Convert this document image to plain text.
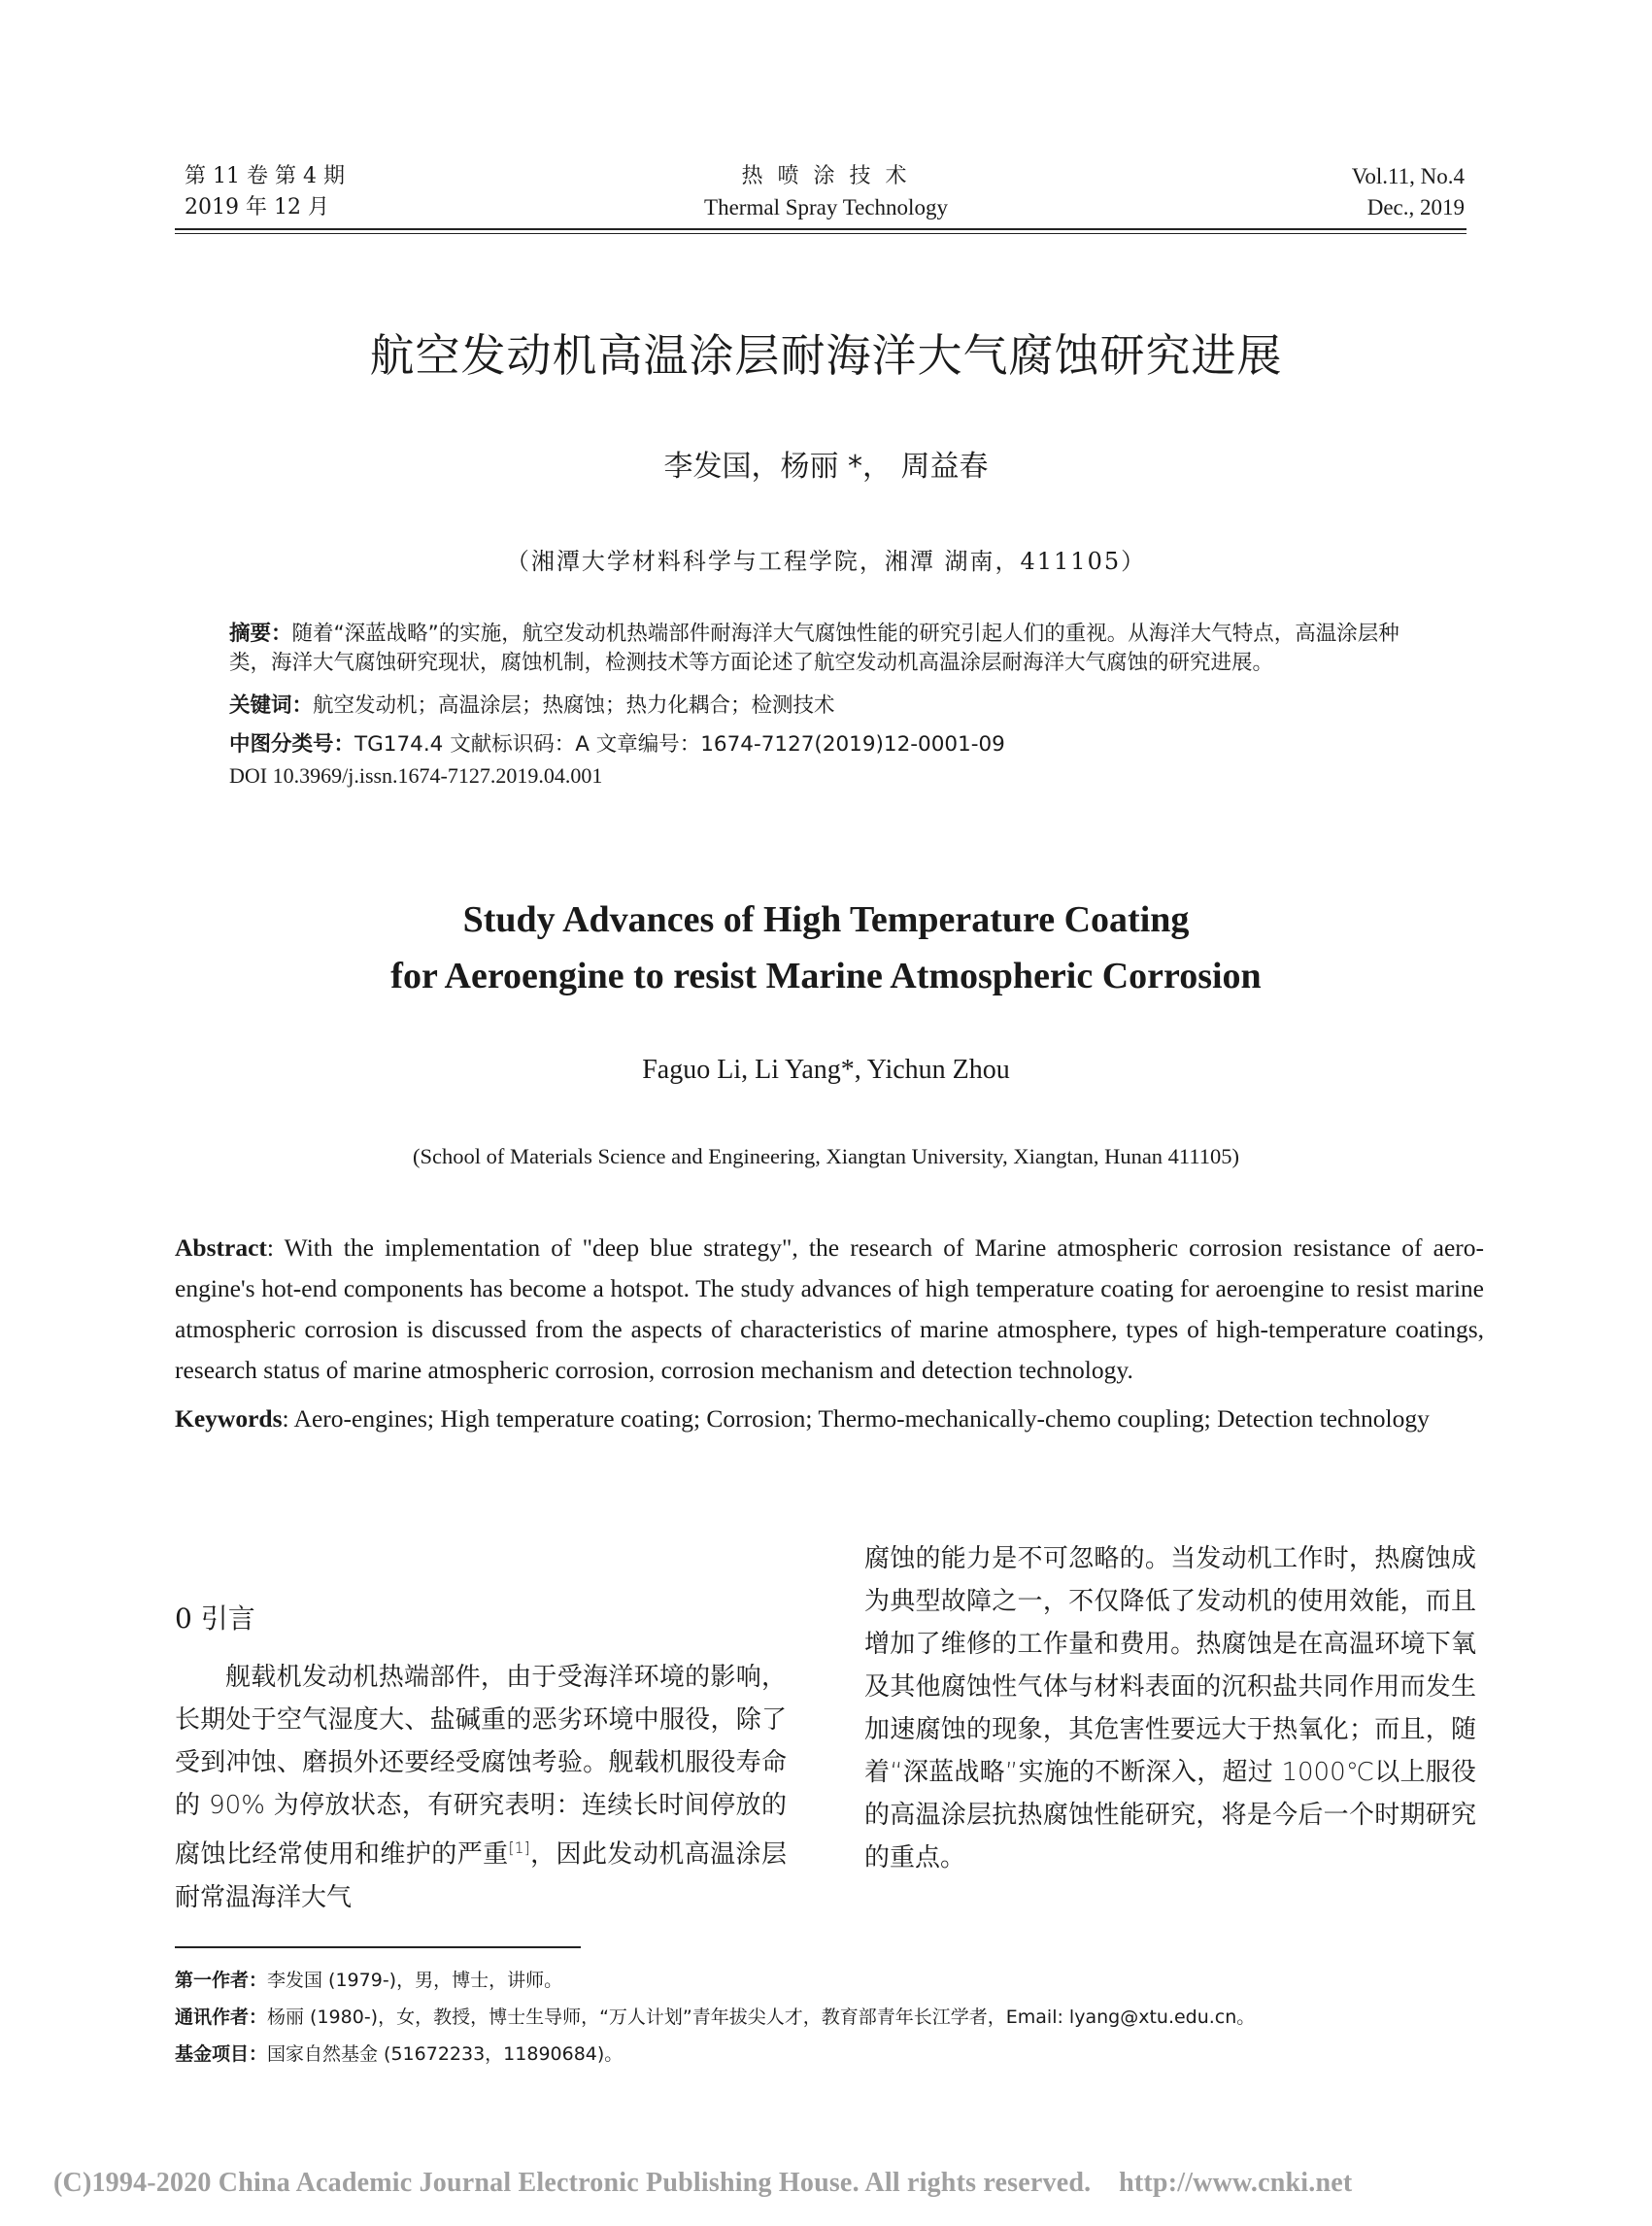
第 11 卷 第 4 期
2019 年 12 月
热 喷 涂 技 术
Thermal Spray Technology
Vol.11, No.4
Dec., 2019
航空发动机高温涂层耐海洋大气腐蚀研究进展
李发国，杨丽 *， 周益春
（湘潭大学材料科学与工程学院，湘潭 湖南，411105）
摘要：随着“深蓝战略”的实施，航空发动机热端部件耐海洋大气腐蚀性能的研究引起人们的重视。从海洋大气特点，高温涂层种类，海洋大气腐蚀研究现状，腐蚀机制，检测技术等方面论述了航空发动机高温涂层耐海洋大气腐蚀的研究进展。
关键词：航空发动机；高温涂层；热腐蚀；热力化耦合；检测技术
中图分类号：TG174.4 文献标识码：A 文章编号：1674-7127(2019)12-0001-09
DOI 10.3969/j.issn.1674-7127.2019.04.001
Study Advances of High Temperature Coating
for Aeroengine to resist Marine Atmospheric Corrosion
Faguo Li, Li Yang*, Yichun Zhou
(School of Materials Science and Engineering, Xiangtan University, Xiangtan, Hunan 411105)

Abstract: With the implementation of "deep blue strategy", the research of Marine atmospheric corrosion resistance of aero-engine's hot-end components has become a hotspot. The study advances of high temperature coating for aeroengine to resist marine atmospheric corrosion is discussed from the aspects of characteristics of marine atmosphere, types of high-temperature coatings, research status of marine atmospheric corrosion, corrosion mechanism and detection technology.

Keywords: Aero-engines; High temperature coating; Corrosion; Thermo-mechanically-chemo coupling; Detection technology

0 引言

舰载机发动机热端部件，由于受海洋环境的影响，长期处于空气湿度大、盐碱重的恶劣环境中服役，除了受到冲蚀、磨损外还要经受腐蚀考验。舰载机服役寿命的 90% 为停放状态，有研究表明：连续长时间停放的腐蚀比经常使用和维护的严重[1]，因此发动机高温涂层耐常温海洋大气

腐蚀的能力是不可忽略的。当发动机工作时，热腐蚀成为典型故障之一，不仅降低了发动机的使用效能，而且增加了维修的工作量和费用。热腐蚀是在高温环境下氧及其他腐蚀性气体与材料表面的沉积盐共同作用而发生加速腐蚀的现象，其危害性要远大于热氧化；而且，随着“深蓝战略”实施的不断深入，超过 1000℃以上服役的高温涂层抗热腐蚀性能研究，将是今后一个时期研究的重点。

第一作者：李发国 (1979-)，男，博士，讲师。
通讯作者：杨丽 (1980-)，女，教授，博士生导师，“万人计划”青年拔尖人才，教育部青年长江学者，Email: lyang@xtu.edu.cn。
基金项目：国家自然基金 (51672233，11890684)。
(C)1994-2020 China Academic Journal Electronic Publishing House. All rights reserved.    http://www.cnki.net
